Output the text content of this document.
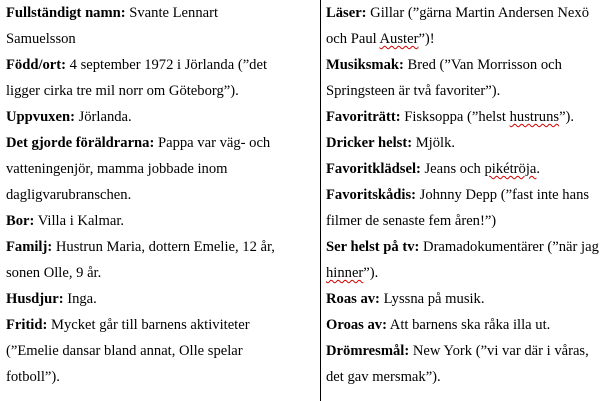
Fullständigt namn: Svante Lennart Samuelsson

Född/ort: 4 september 1972 i Jörlanda (”det ligger cirka tre mil norr om Göteborg”).

Uppvuxen: Jörlanda.

Det gjorde föräldrarna: Pappa var väg- och vatteningenjör, mamma jobbade inom dagligvarubranschen.

Bor: Villa i Kalmar.

Familj: Hustrun Maria, dottern Emelie, 12 år, sonen Olle, 9 år.

Husdjur: Inga.

Fritid: Mycket går till barnens aktiviteter (”Emelie dansar bland annat, Olle spelar fotboll”).

Läser: Gillar (”gärna Martin Andersen Nexö och Paul Auster”)!

Musiksmak: Bred (”Van Morrisson och Springsteen är två favoriter”).

Favoriträtt: Fisksoppa (”helst hustruns”).

Dricker helst: Mjölk.

Favoritklädsel: Jeans och pikétröja.

Favoritskådis: Johnny Depp (”fast inte hans filmer de senaste fem åren!”)

Ser helst på tv: Dramadokumentärer (”när jag hinner”).

Roas av: Lyssna på musik.

Oroas av: Att barnens ska råka illa ut.

Drömresmål: New York (”vi var där i våras, det gav mersmak”).
